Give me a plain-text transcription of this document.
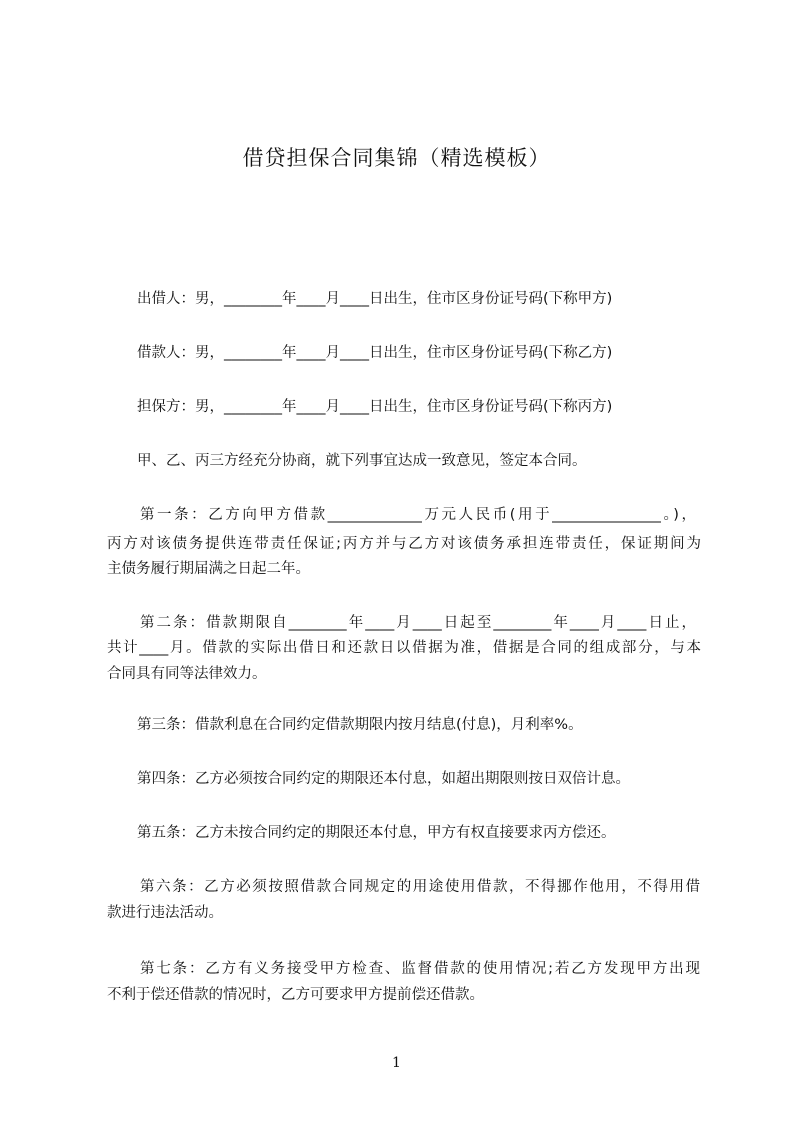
借贷担保合同集锦（精选模板）

出借人：男，________年____月____日出生，住市区身份证号码(下称甲方)

借款人：男，________年____月____日出生，住市区身份证号码(下称乙方)

担保方：男，________年____月____日出生，住市区身份证号码(下称丙方)

甲、乙、丙三方经充分协商，就下列事宜达成一致意见，签定本合同。

第一条：乙方向甲方借款_____________万元人民币(用于_______________。)，

丙方对该债务提供连带责任保证;丙方并与乙方对该债务承担连带责任，保证期间为

主债务履行期届满之日起二年。

第二条：借款期限自________年____月____日起至________年____月____日止，

共计____月。借款的实际出借日和还款日以借据为准，借据是合同的组成部分，与本

合同具有同等法律效力。

第三条：借款利息在合同约定借款期限内按月结息(付息)，月利率%。

第四条：乙方必须按合同约定的期限还本付息，如超出期限则按日双倍计息。

第五条：乙方未按合同约定的期限还本付息，甲方有权直接要求丙方偿还。

第六条：乙方必须按照借款合同规定的用途使用借款，不得挪作他用，不得用借

款进行违法活动。

第七条：乙方有义务接受甲方检查、监督借款的使用情况;若乙方发现甲方出现

不利于偿还借款的情况时，乙方可要求甲方提前偿还借款。

1
